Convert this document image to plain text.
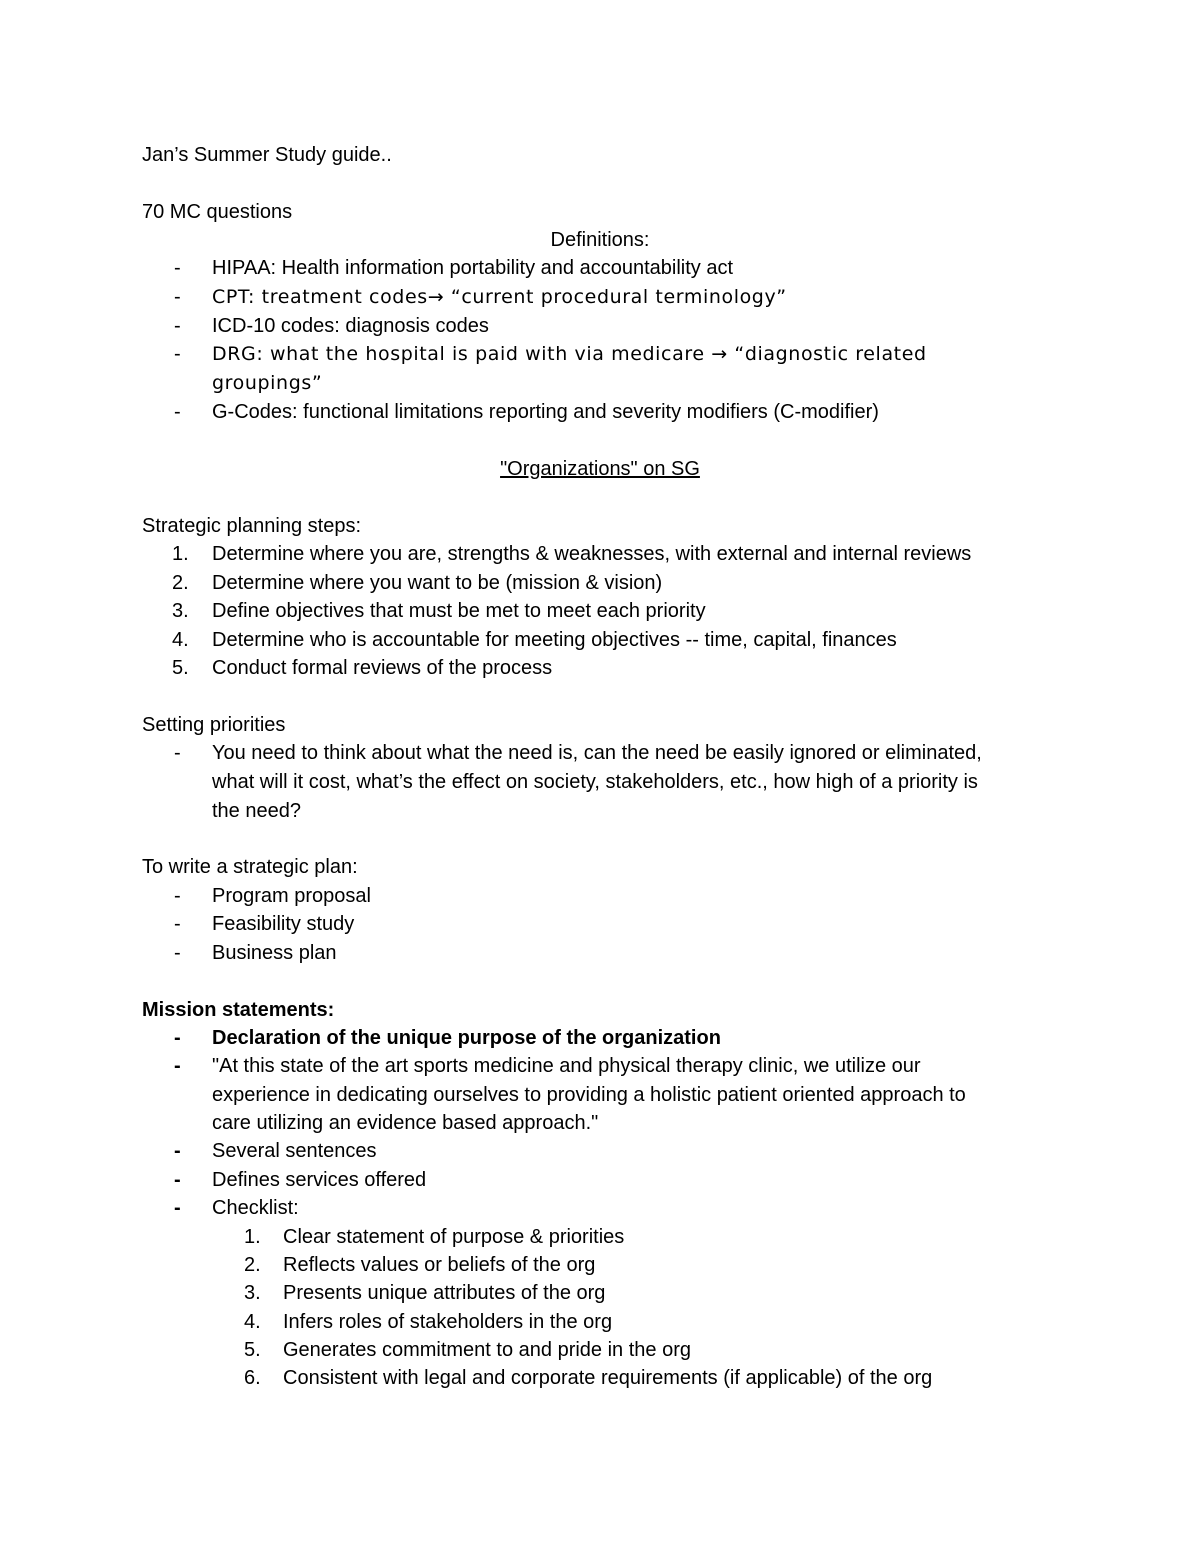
Jan’s Summer Study guide..
70 MC questions
Definitions:
-	HIPAA: Health information portability and accountability act
-	CPT: treatment codes→ “current procedural terminology”
-	ICD-10 codes: diagnosis codes
-	DRG: what the hospital is paid with via medicare → “diagnostic related
groupings”
-	G-Codes: functional limitations reporting and severity modifiers (C-modifier)
"Organizations" on SG
Strategic planning steps:
1.	Determine where you are, strengths & weaknesses, with external and internal reviews
2.	Determine where you want to be (mission & vision)
3.	Define objectives that must be met to meet each priority
4.	Determine who is accountable for meeting objectives -- time, capital, finances
5.	Conduct formal reviews of the process
Setting priorities
-	You need to think about what the need is, can the need be easily ignored or eliminated,
what will it cost, what’s the effect on society, stakeholders, etc., how high of a priority is
the need?
To write a strategic plan:
-	Program proposal
-	Feasibility study
-	Business plan
Mission statements:
-	Declaration of the unique purpose of the organization
-	"At this state of the art sports medicine and physical therapy clinic, we utilize our
experience in dedicating ourselves to providing a holistic patient oriented approach to
care utilizing an evidence based approach."
-	Several sentences
-	Defines services offered
-	Checklist:
1.	Clear statement of purpose & priorities
2.	Reflects values or beliefs of the org
3.	Presents unique attributes of the org
4.	Infers roles of stakeholders in the org
5.	Generates commitment to and pride in the org
6.	Consistent with legal and corporate requirements (if applicable) of the org
